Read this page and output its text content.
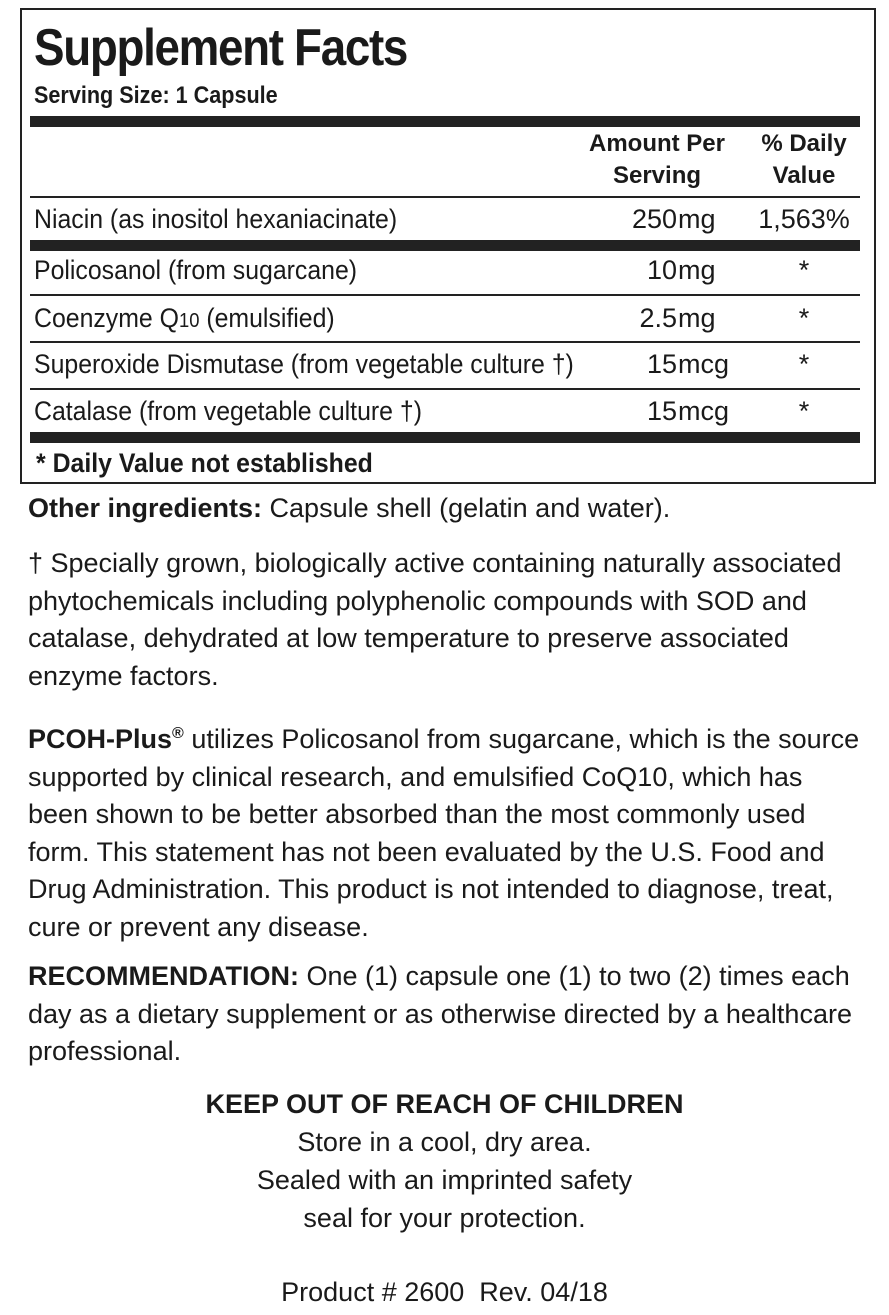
Supplement Facts
Serving Size: 1 Capsule
Amount Per
Serving
% Daily
Value
Niacin (as inositol hexaniacinate)	250 mg 1,563%
Policosanol (from sugarcane)	10 mg	*
Coenzyme Q10 (emulsified)	2.5 mg	*
Superoxide Dismutase (from vegetable culture †)	15 mcg	*
Catalase (from vegetable culture †)	15 mcg	*
* Daily Value not established

Other ingredients: Capsule shell (gelatin and water).

† Specially grown, biologically active containing naturally associated phytochemicals including polyphenolic compounds with SOD and catalase, dehydrated at low temperature to preserve associated enzyme factors.

PCOH-Plus® utilizes Policosanol from sugarcane, which is the source supported by clinical research, and emulsified CoQ10, which has been shown to be better absorbed than the most commonly used form. This statement has not been evaluated by the U.S. Food and Drug Administration. This product is not intended to diagnose, treat, cure or prevent any disease.

RECOMMENDATION: One (1) capsule one (1) to two (2) times each day as a dietary supplement or as otherwise directed by a healthcare professional.

KEEP OUT OF REACH OF CHILDREN
Store in a cool, dry area.
Sealed with an imprinted safety
seal for your protection.
Product # 2600  Rev. 04/18
